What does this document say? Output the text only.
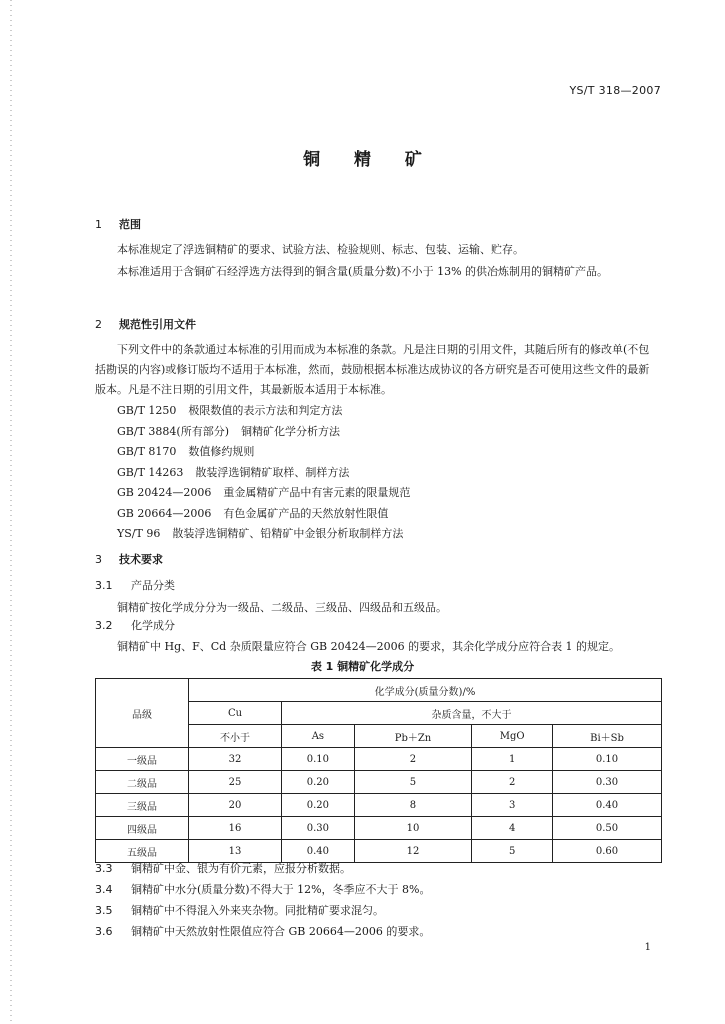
YS/T 318—2007
铜 精 矿
1 范围
本标准规定了浮选铜精矿的要求、试验方法、检验规则、标志、包装、运输、贮存。
本标准适用于含铜矿石经浮选方法得到的铜含量(质量分数)不小于 13% 的供冶炼制用的铜精矿产品。
2 规范性引用文件
下列文件中的条款通过本标准的引用而成为本标准的条款。凡是注日期的引用文件，其随后所有的修改单(不包括勘误的内容)或修订版均不适用于本标准，然而，鼓励根据本标准达成协议的各方研究是否可使用这些文件的最新版本。凡是不注日期的引用文件，其最新版本适用于本标准。
GB/T 1250 极限数值的表示方法和判定方法
GB/T 3884(所有部分) 铜精矿化学分析方法
GB/T 8170 数值修约规则
GB/T 14263 散装浮选铜精矿取样、制样方法
GB 20424—2006 重金属精矿产品中有害元素的限量规范
GB 20664—2006 有色金属矿产品的天然放射性限值
YS/T 96 散装浮选铜精矿、铅精矿中金银分析取制样方法
3 技术要求
3.1 产品分类
铜精矿按化学成分分为一级品、二级品、三级品、四级品和五级品。
3.2 化学成分
铜精矿中 Hg、F、Cd 杂质限量应符合 GB 20424—2006 的要求，其余化学成分应符合表 1 的规定。
表 1 铜精矿化学成分
品级	化学成分(质量分数)/%				
	Cu	杂质含量，不大于			
	不小于	As	Pb＋Zn	MgO	Bi＋Sb
一级品	32	0.10	2	1	0.10
二级品	25	0.20	5	2	0.30
三级品	20	0.20	8	3	0.40
四级品	16	0.30	10	4	0.50
五级品	13	0.40	12	5	0.60
3.3 铜精矿中金、银为有价元素，应报分析数据。
3.4 铜精矿中水分(质量分数)不得大于 12%，冬季应不大于 8%。
3.5 铜精矿中不得混入外来夹杂物。同批精矿要求混匀。
3.6 铜精矿中天然放射性限值应符合 GB 20664—2006 的要求。
1
